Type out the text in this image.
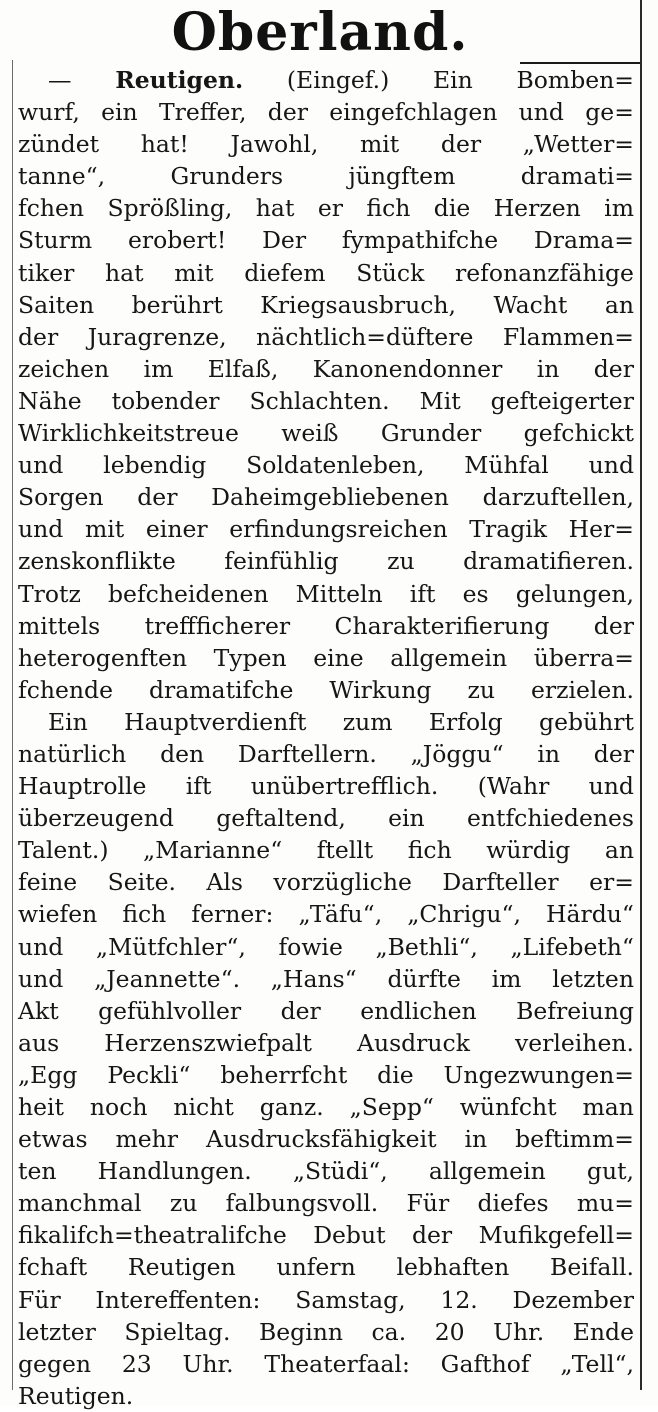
Oberland.
— Reutigen. (Eingef.) Ein Bomben=
wurf, ein Treffer, der eingefchlagen und ge=
zündet hat! Jawohl, mit der „Wetter=
tanne“,	Grunders	jüngftem	dramati=
fchen Sprößling, hat er fich die Herzen im
Sturm erobert! Der fympathifche Drama=
tiker hat mit diefem Stück refonanzfähige
Saiten berührt Kriegsausbruch, Wacht an
der Juragrenze, nächtlich=düftere Flammen=
zeichen im Elfaß, Kanonendonner in der
Nähe tobender Schlachten. Mit gefteigerter
Wirklichkeitstreue weiß Grunder gefchickt
und lebendig Soldatenleben, Mühfal und
Sorgen der Daheimgebliebenen darzuftellen,
und mit einer erfindungsreichen Tragik Her=
zenskonflikte feinfühlig zu dramatifieren.
Trotz befcheidenen Mitteln ift es gelungen,
mittels treffficherer Charakterifierung der
heterogenften Typen eine allgemein überra=
fchende dramatifche Wirkung zu erzielen.
Ein Hauptverdienft zum Erfolg gebührt
natürlich den Darftellern. „Jöggu“ in der
Hauptrolle ift unübertrefflich. (Wahr und
überzeugend geftaltend, ein entfchiedenes
Talent.) „Marianne“ ftellt fich würdig an
feine Seite. Als vorzügliche Darfteller er=
wiefen fich ferner: „Täfu“, „Chrigu“, Härdu“
und „Mütfchler“, fowie „Bethli“, „Lifebeth“
und „Jeannette“. „Hans“ dürfte im letzten
Akt gefühlvoller der endlichen Befreiung
aus Herzenszwiefpalt Ausdruck verleihen.
„Egg Peckli“ beherrfcht die Ungezwungen=
heit noch nicht ganz. „Sepp“ wünfcht man
etwas mehr Ausdrucksfähigkeit in beftimm=
ten Handlungen. „Stüdi“, allgemein gut,
manchmal zu falbungsvoll. Für diefes mu=
fikalifch=theatralifche Debut der Mufikgefell=
fchaft Reutigen unfern lebhaften Beifall.
Für Intereffenten: Samstag, 12. Dezember
letzter Spieltag. Beginn ca. 20 Uhr. Ende
gegen 23 Uhr. Theaterfaal: Gafthof „Tell“,
Reutigen.
